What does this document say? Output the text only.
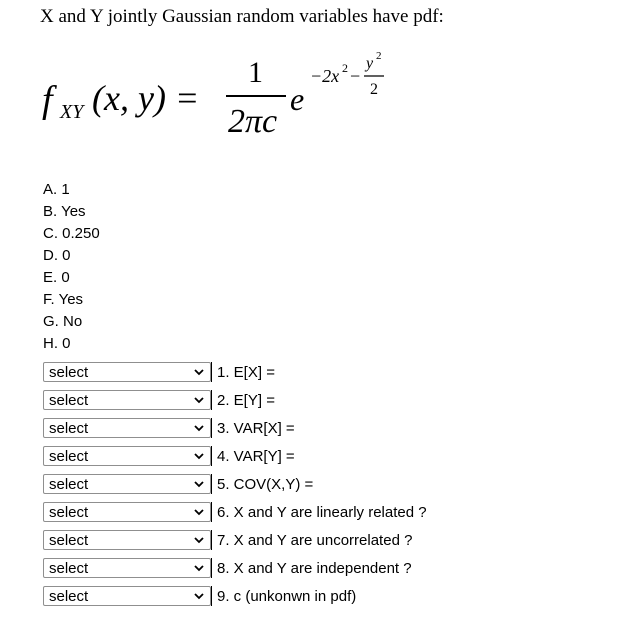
X and Y jointly Gaussian random variables have pdf:
f XY (x, y) =
1
2πc
e
−2x 2 −
y 2
2
A. 1
B. Yes
C. 0.250
D. 0
E. 0
F. Yes
G. No
H. 0
select	1. E[X] =
select	2. E[Y] =
select	3. VAR[X] =
select	4. VAR[Y] =
select	5. COV(X,Y) =
select	6. X and Y are linearly related ?
select	7. X and Y are uncorrelated ?
select	8. X and Y are independent ?
select	9. c (unkonwn in pdf)
